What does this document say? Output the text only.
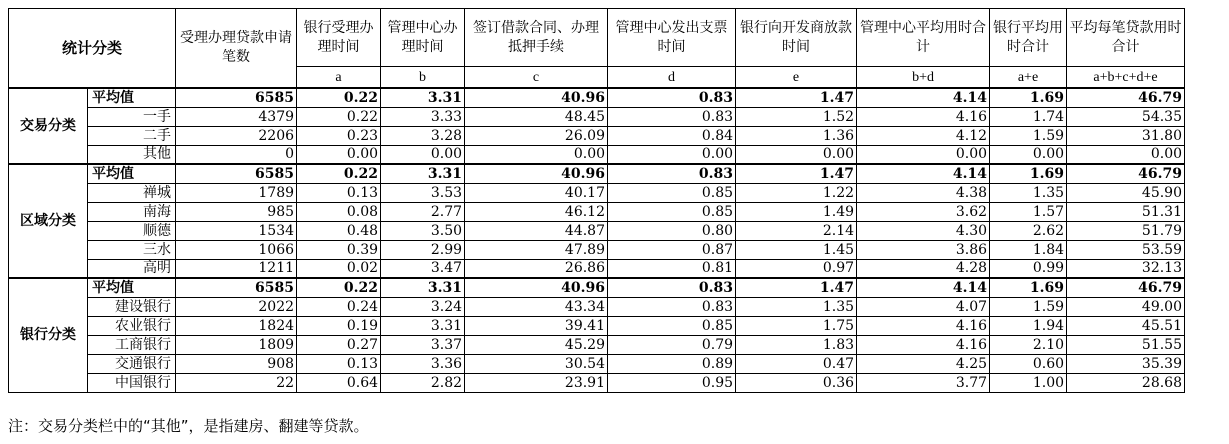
统计分类		受理办理贷款申请笔数	银行受理办理时间	管理中心办理时间	签订借款合同、办理抵押手续	管理中心发出支票时间	银行向开发商放款时间	管理中心平均用时合计	银行平均用时合计	平均每笔贷款用时合计
			a	b	c	d	e	b+d	a+e	a+b+c+d+e
交易分类	平均值	6585	0.22	3.31	40.96	0.83	1.47	4.14	1.69	46.79
	一手	4379	0.22	3.33	48.45	0.83	1.52	4.16	1.74	54.35
	二手	2206	0.23	3.28	26.09	0.84	1.36	4.12	1.59	31.80
	其他	0	0.00	0.00	0.00	0.00	0.00	0.00	0.00	0.00
区域分类	平均值	6585	0.22	3.31	40.96	0.83	1.47	4.14	1.69	46.79
	禅城	1789	0.13	3.53	40.17	0.85	1.22	4.38	1.35	45.90
	南海	985	0.08	2.77	46.12	0.85	1.49	3.62	1.57	51.31
	顺德	1534	0.48	3.50	44.87	0.80	2.14	4.30	2.62	51.79
	三水	1066	0.39	2.99	47.89	0.87	1.45	3.86	1.84	53.59
	高明	1211	0.02	3.47	26.86	0.81	0.97	4.28	0.99	32.13
银行分类	平均值	6585	0.22	3.31	40.96	0.83	1.47	4.14	1.69	46.79
	建设银行	2022	0.24	3.24	43.34	0.83	1.35	4.07	1.59	49.00
	农业银行	1824	0.19	3.31	39.41	0.85	1.75	4.16	1.94	45.51
	工商银行	1809	0.27	3.37	45.29	0.79	1.83	4.16	2.10	51.55
	交通银行	908	0.13	3.36	30.54	0.89	0.47	4.25	0.60	35.39
	中国银行	22	0.64	2.82	23.91	0.95	0.36	3.77	1.00	28.68
注：交易分类栏中的“其他”，是指建房、翻建等贷款。
